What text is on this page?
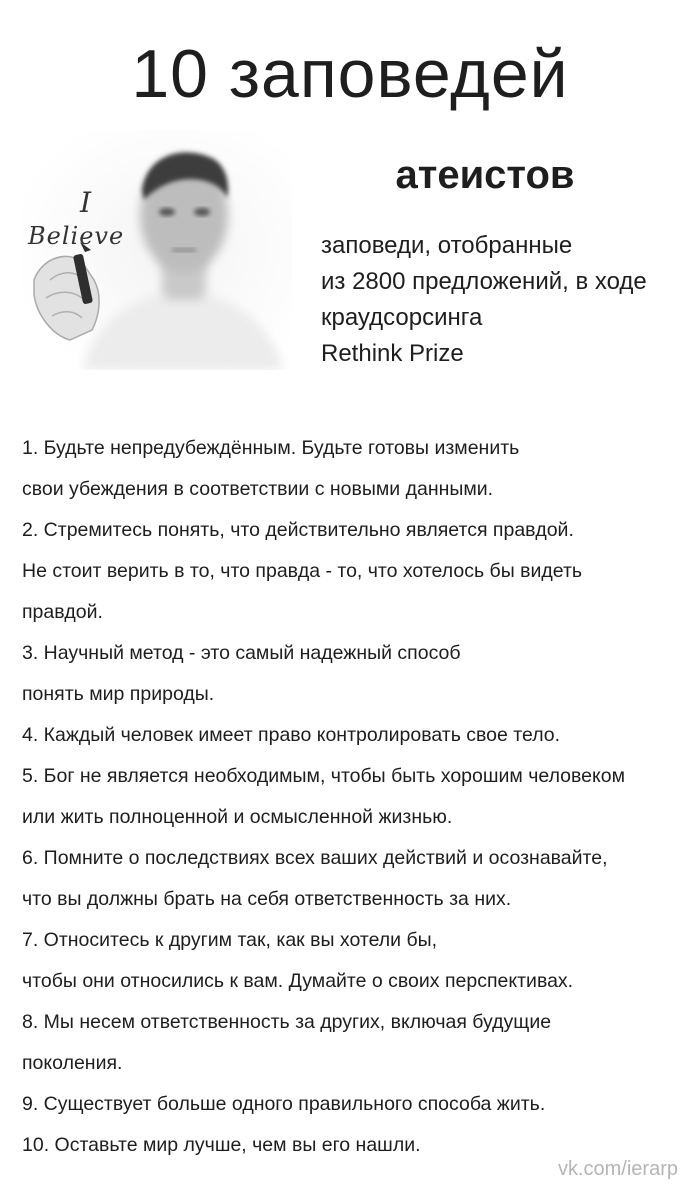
10 заповедей
I
Believe
атеистов
заповеди, отобранные
из 2800 предложений, в ходе
краудсорсинга
Rethink Prize
1. Будьте непредубеждённым. Будьте готовы изменить
свои убеждения в соответствии с новыми данными.
2. Стремитесь понять, что действительно является правдой.
Не стоит верить в то, что правда - то, что хотелось бы видеть
правдой.
3. Научный метод - это самый надежный способ
понять мир природы.
4. Каждый человек имеет право контролировать свое тело.
5. Бог не является необходимым, чтобы быть хорошим человеком
или жить полноценной и осмысленной жизнью.
6. Помните о последствиях всех ваших действий и осознавайте,
что вы должны брать на себя ответственность за них.
7. Относитесь к другим так, как вы хотели бы,
чтобы они относились к вам. Думайте о своих перспективах.
8. Мы несем ответственность за других, включая будущие
поколения.
9. Существует больше одного правильного способа жить.
10. Оставьте мир лучше, чем вы его нашли.
vk.com/ierarp
